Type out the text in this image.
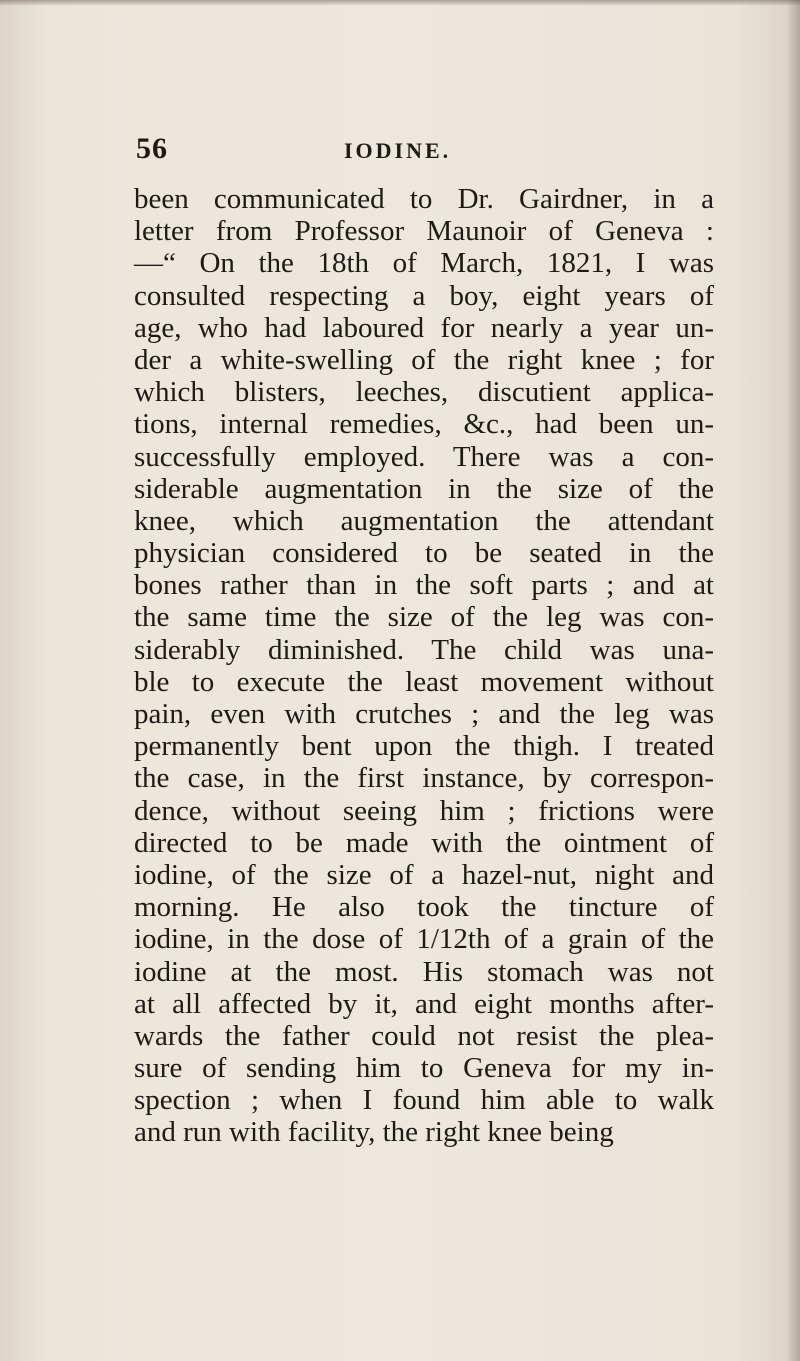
56	IODINE.
been communicated to Dr. Gairdner, in a
letter from Professor Maunoir of Geneva :
—“ On the 18th of March, 1821, I was
consulted respecting a boy, eight years of
age, who had laboured for nearly a year un-
der a white-swelling of the right knee ; for
which blisters, leeches, discutient applica-
tions, internal remedies, &c., had been un-
successfully employed. There was a con-
siderable augmentation in the size of the
knee, which augmentation the attendant
physician considered to be seated in the
bones rather than in the soft parts ; and at
the same time the size of the leg was con-
siderably diminished. The child was una-
ble to execute the least movement without
pain, even with crutches ; and the leg was
permanently bent upon the thigh. I treated
the case, in the first instance, by correspon-
dence, without seeing him ; frictions were
directed to be made with the ointment of
iodine, of the size of a hazel-nut, night and
morning. He also took the tincture of
iodine, in the dose of 1/12th of a grain of the
iodine at the most. His stomach was not
at all affected by it, and eight months after-
wards the father could not resist the plea-
sure of sending him to Geneva for my in-
spection ; when I found him able to walk
and run with facility, the right knee being
